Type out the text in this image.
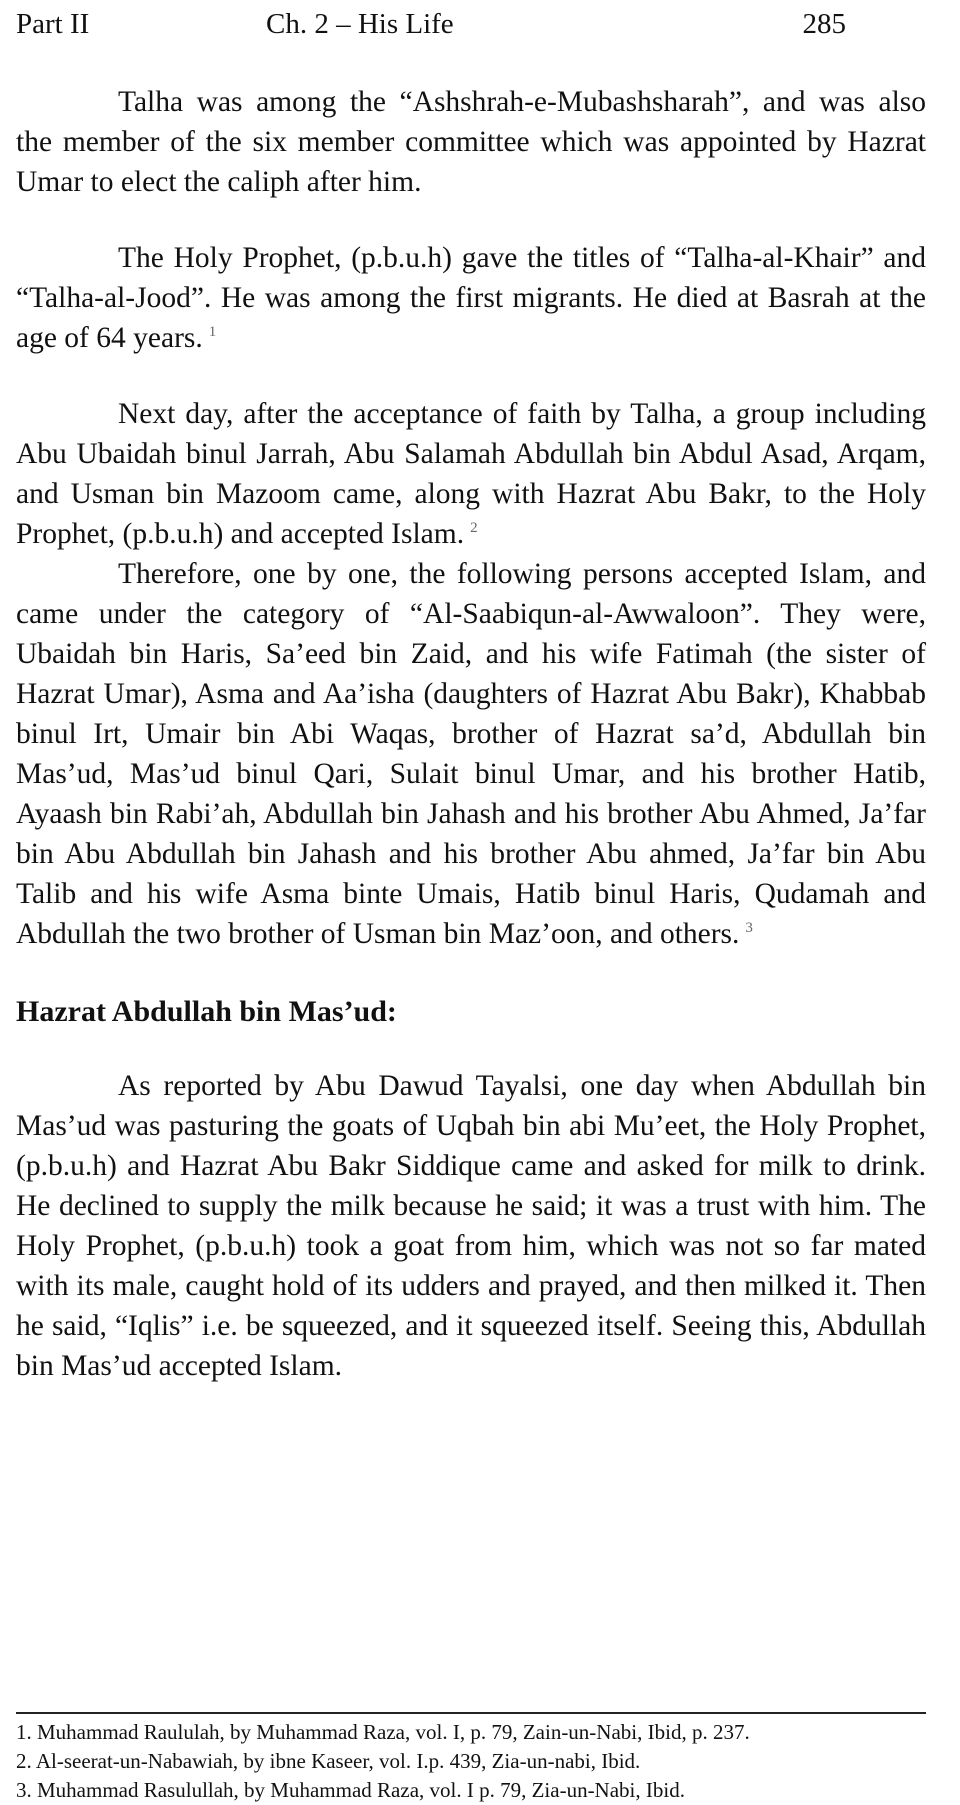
Part II	Ch. 2 – His Life	285

Talha was among the “Ashshrah-e-Mubashsharah”, and was also the member of the six member committee which was appointed by Hazrat Umar to elect the caliph after him.

The Holy Prophet, (p.b.u.h) gave the titles of “Talha-al-Khair” and “Talha-al-Jood”. He was among the first migrants. He died at Basrah at the age of 64 years. $^1$

Next day, after the acceptance of faith by Talha, a group including Abu Ubaidah binul Jarrah, Abu Salamah Abdullah bin Abdul Asad, Arqam, and Usman bin Mazoom came, along with Hazrat Abu Bakr, to the Holy Prophet, (p.b.u.h) and accepted Islam. $^2$

Therefore, one by one, the following persons accepted Islam, and came under the category of “Al-Saabiqun-al-Awwaloon”. They were, Ubaidah bin Haris, Sa’eed bin Zaid, and his wife Fatimah (the sister of Hazrat Umar), Asma and Aa’isha (daughters of Hazrat Abu Bakr), Khabbab binul Irt, Umair bin Abi Waqas, brother of Hazrat sa’d, Abdullah bin Mas’ud, Mas’ud binul Qari, Sulait binul Umar, and his brother Hatib, Ayaash bin Rabi’ah, Abdullah bin Jahash and his brother Abu Ahmed, Ja’far bin Abu Abdullah bin Jahash and his brother Abu ahmed, Ja’far bin Abu Talib and his wife Asma binte Umais, Hatib binul Haris, Qudamah and Abdullah the two brother of Usman bin Maz’oon, and others. $^3$

Hazrat Abdullah bin Mas’ud:

As reported by Abu Dawud Tayalsi, one day when Abdullah bin Mas’ud was pasturing the goats of Uqbah bin abi Mu’eet, the Holy Prophet, (p.b.u.h) and Hazrat Abu Bakr Siddique came and asked for milk to drink. He declined to supply the milk because he said; it was a trust with him. The Holy Prophet, (p.b.u.h) took a goat from him, which was not so far mated with its male, caught hold of its udders and prayed, and then milked it. Then he said, “Iqlis” i.e. be squeezed, and it squeezed itself. Seeing this, Abdullah bin Mas’ud accepted Islam.

1. Muhammad Raululah, by Muhammad Raza, vol. I, p. 79, Zain-un-Nabi, Ibid, p. 237.
2. Al-seerat-un-Nabawiah, by ibne Kaseer, vol. I.p. 439, Zia-un-nabi, Ibid.
3. Muhammad Rasulullah, by Muhammad Raza, vol. I p. 79, Zia-un-Nabi, Ibid.
